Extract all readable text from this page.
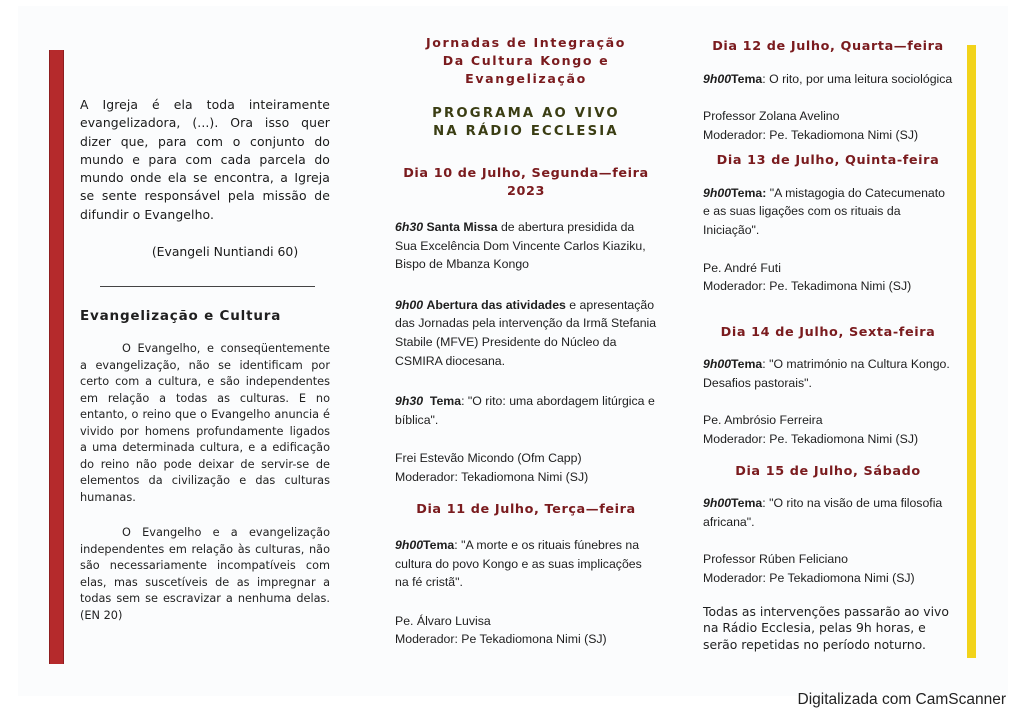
A Igreja é ela toda inteiramente evangelizadora, (...). Ora isso quer dizer que, para com o conjunto do mundo e para com cada parcela do mundo onde ela se encontra, a Igreja se sente responsável pela missão de difundir o Evangelho.

(Evangeli Nuntiandi 60)
Evangelização e Cultura

O Evangelho, e conseqüentemente a evangelização, não se identificam por certo com a cultura, e são independentes em relação a todas as culturas. E no entanto, o reino que o Evangelho anuncia é vivido por homens profundamente ligados a uma determinada cultura, e a edificação do reino não pode deixar de servir-se de elementos da civilização e das culturas humanas.

O Evangelho e a evangelização independentes em relação às culturas, não são necessariamente incompatíveis com elas, mas suscetíveis de as impregnar a todas sem se escravizar a nenhuma delas. (EN 20)

Jornadas de Integração
Da Cultura Kongo e
Evangelização
PROGRAMA AO VIVO
NA RÁDIO ECCLESIA
Dia 10 de Julho, Segunda—feira
2023

6h30 Santa Missa de abertura presidida da Sua Excelência Dom Vincente Carlos Kiaziku, Bispo de Mbanza Kongo

9h00 Abertura das atividades e apresentação das Jornadas pela intervenção da Irmã Stefania Stabile (MFVE) Presidente do Núcleo da CSMIRA diocesana.

9h30 Tema: "O rito: uma abordagem litúrgica e bíblica".

Frei Estevão Micondo (Ofm Capp)

Moderador: Tekadiomona Nimi (SJ)

Dia 11 de Julho, Terça—feira

9h00Tema: "A morte e os rituais fúnebres na cultura do povo Kongo e as suas implicações na fé cristã".

Pe. Álvaro Luvisa

Moderador: Pe Tekadiomona Nimi (SJ)

Dia 12 de Julho, Quarta—feira

9h00Tema: O rito, por uma leitura sociológica

Professor Zolana Avelino

Moderador: Pe. Tekadiomona Nimi (SJ)

Dia 13 de Julho, Quinta-feira

9h00Tema: "A mistagogia do Catecumenato e as suas ligações com os rituais da Iniciação".

Pe. André Futi

Moderador: Pe. Tekadimona Nimi (SJ)

Dia 14 de Julho, Sexta-feira

9h00Tema: "O matrimónio na Cultura Kongo. Desafios pastorais".

Pe. Ambrósio Ferreira

Moderador: Pe. Tekadiomona Nimi (SJ)

Dia 15 de Julho, Sábado

9h00Tema: "O rito na visão de uma filosofia africana".

Professor Rúben Feliciano

Moderador: Pe Tekadiomona Nimi (SJ)

Todas as intervenções passarão ao vivo na Rádio Ecclesia, pelas 9h horas, e serão repetidas no período noturno.

Digitalizada com CamScanner
